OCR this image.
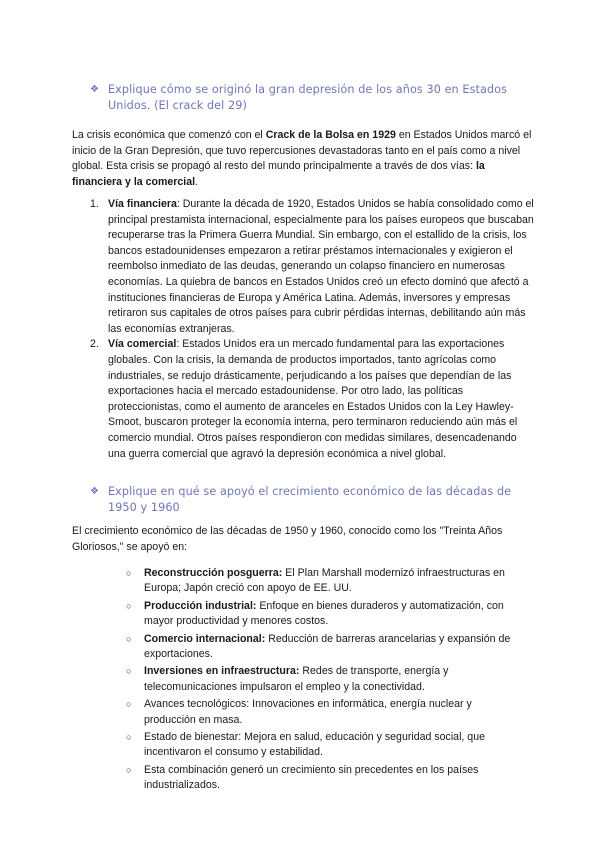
❖ Explique cómo se originó la gran depresión de los años 30 en Estados Unidos. (El crack del 29)
La crisis económica que comenzó con el Crack de la Bolsa en 1929 en Estados Unidos marcó el inicio de la Gran Depresión, que tuvo repercusiones devastadoras tanto en el país como a nivel global. Esta crisis se propagó al resto del mundo principalmente a través de dos vías: la financiera y la comercial.
1. Vía financiera: Durante la década de 1920, Estados Unidos se había consolidado como el principal prestamista internacional, especialmente para los países europeos que buscaban recuperarse tras la Primera Guerra Mundial. Sin embargo, con el estallido de la crisis, los bancos estadounidenses empezaron a retirar préstamos internacionales y exigieron el reembolso inmediato de las deudas, generando un colapso financiero en numerosas economías. La quiebra de bancos en Estados Unidos creó un efecto dominó que afectó a instituciones financieras de Europa y América Latina. Además, inversores y empresas retiraron sus capitales de otros países para cubrir pérdidas internas, debilitando aún más las economías extranjeras.
2. Vía comercial: Estados Unidos era un mercado fundamental para las exportaciones globales. Con la crisis, la demanda de productos importados, tanto agrícolas como industriales, se redujo drásticamente, perjudicando a los países que dependían de las exportaciones hacia el mercado estadounidense. Por otro lado, las políticas proteccionistas, como el aumento de aranceles en Estados Unidos con la Ley Hawley-Smoot, buscaron proteger la economía interna, pero terminaron reduciendo aún más el comercio mundial. Otros países respondieron con medidas similares, desencadenando una guerra comercial que agravó la depresión económica a nivel global.
❖ Explique en qué se apoyó el crecimiento económico de las décadas de 1950 y 1960
El crecimiento económico de las décadas de 1950 y 1960, conocido como los "Treinta Años Gloriosos," se apoyó en:
○ Reconstrucción posguerra: El Plan Marshall modernizó infraestructuras en Europa; Japón creció con apoyo de EE. UU.
○ Producción industrial: Enfoque en bienes duraderos y automatización, con mayor productividad y menores costos.
○ Comercio internacional: Reducción de barreras arancelarias y expansión de exportaciones.
○ Inversiones en infraestructura: Redes de transporte, energía y telecomunicaciones impulsaron el empleo y la conectividad.
○ Avances tecnológicos: Innovaciones en informática, energía nuclear y producción en masa.
○ Estado de bienestar: Mejora en salud, educación y seguridad social, que incentivaron el consumo y estabilidad.
○ Esta combinación generó un crecimiento sin precedentes en los países industrializados.
